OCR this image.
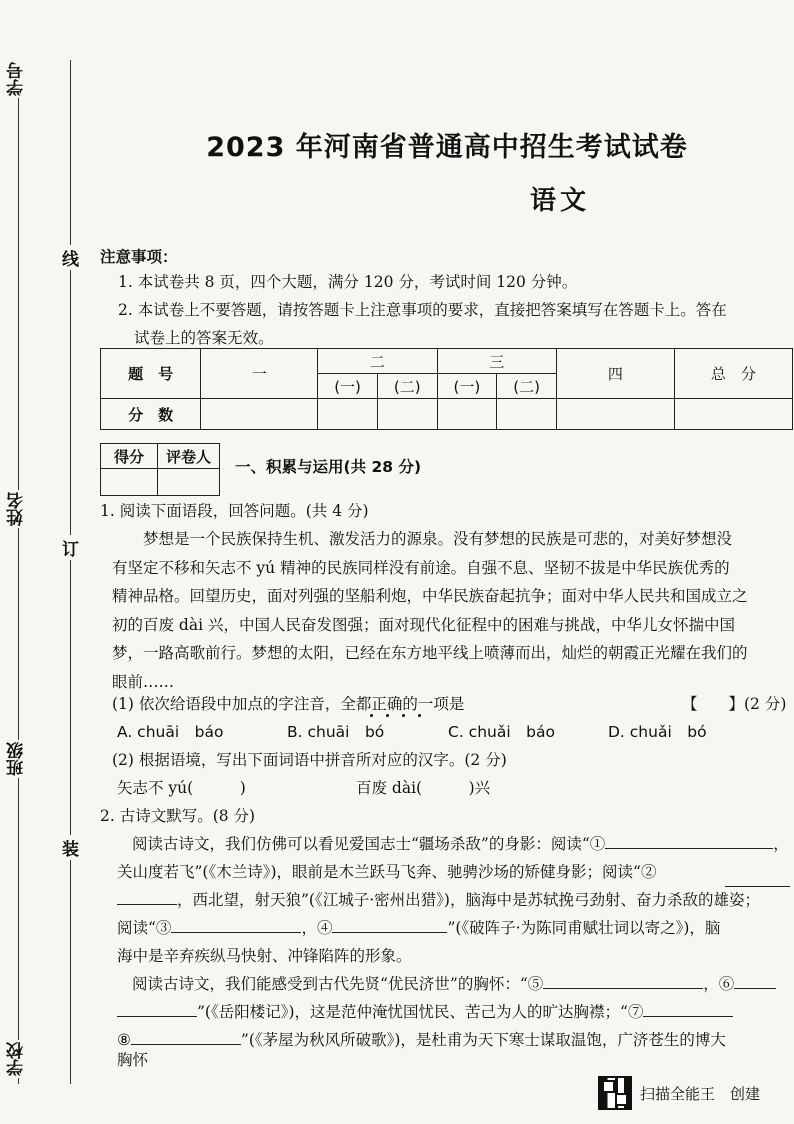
学校
班级
姓名
学号
线
订
装
2023 年河南省普通高中招生考试试卷
语文
注意事项：
1. 本试卷共 8 页，四个大题，满分 120 分，考试时间 120 分钟。
2. 本试卷上不要答题，请按答题卡上注意事项的要求，直接把答案填写在答题卡上。答在
试卷上的答案无效。
题　号	一	二		三		四	总　分
		(一)	(二)	(一)	(二)		
分　数							
得分	评卷人

一、积累与运用(共 28 分)
1. 阅读下面语段，回答问题。(共 4 分)

梦想是一个民族保持生机、激发活力的源泉。没有梦想的民族是可悲的，对美好梦想没

有坚定不移和矢志不 yú 精神的民族同样没有前途。自强不息、坚韧不拔是中华民族优秀的

精神品格。回望历史，面对列强的坚船利炮，中华民族奋起抗争；面对中华人民共和国成立之

初的百废 dài 兴，中国人民奋发图强；面对现代化征程中的困难与挑战，中华儿女怀揣中国

梦，一路高歌前行。梦想的太阳，已经在东方地平线上喷薄而出，灿烂的朝霞正光耀在我们的

眼前……

(1) 依次给语段中加点的字注音，全都正确的一项是	【　　】(2 分)
A. chuāi　báo	B. chuāi　bó	C. chuǎi　báo	D. chuǎi　bó
(2) 根据语境，写出下面词语中拼音所对应的汉字。(2 分)
矢志不 yú(　　　)	百废 dài(　　　)兴
2. 古诗文默写。(8 分)
阅读古诗文，我们仿佛可以看见爱国志士“疆场杀敌”的身影：阅读“①	，
关山度若飞”(《木兰诗》)，眼前是木兰跃马飞奔、驰骋沙场的矫健身影；阅读“②
，西北望，射天狼”(《江城子·密州出猎》)，脑海中是苏轼挽弓劲射、奋力杀敌的雄姿；
阅读“③	，④	”(《破阵子·为陈同甫赋壮词以寄之》)，脑
海中是辛弃疾纵马快射、冲锋陷阵的形象。
阅读古诗文，我们能感受到古代先贤“优民济世”的胸怀：“⑤	，⑥
”(《岳阳楼记》)，这是范仲淹忧国忧民、苦己为人的旷达胸襟；“⑦
⑧	”(《茅屋为秋风所破歌》)，是杜甫为天下寒士谋取温饱，广济苍生的博大
胸怀
扫描全能王　创建
